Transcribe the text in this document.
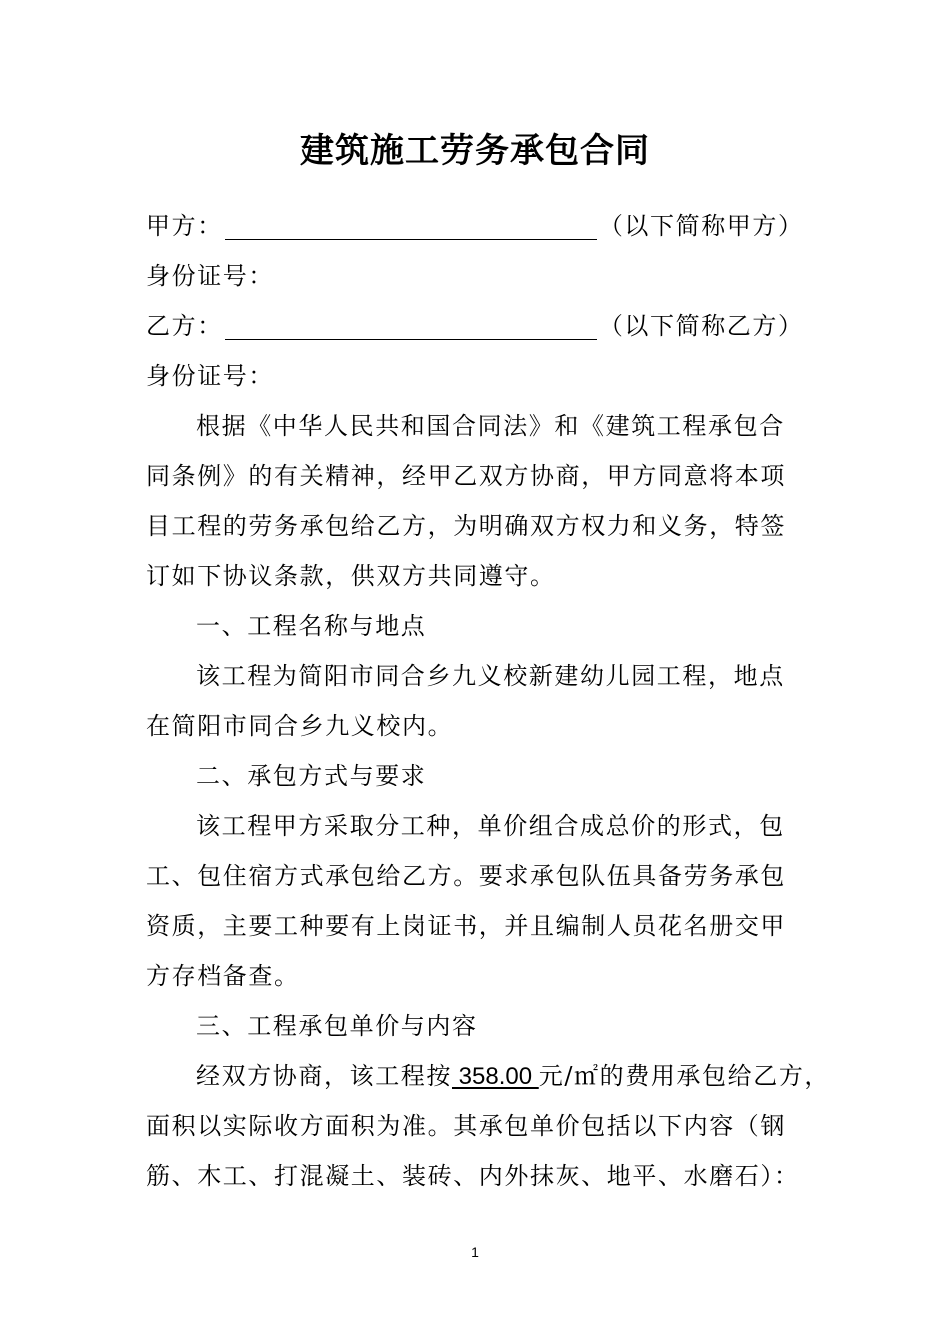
建筑施工劳务承包合同
甲方：	（以下简称甲方）
身份证号：
乙方：	（以下简称乙方）
身份证号：
根据《中华人民共和国合同法》和《建筑工程承包合
同条例》的有关精神，经甲乙双方协商，甲方同意将本项
目工程的劳务承包给乙方，为明确双方权力和义务，特签
订如下协议条款，供双方共同遵守。
一、工程名称与地点
该工程为简阳市同合乡九义校新建幼儿园工程，地点
在简阳市同合乡九义校内。
二、承包方式与要求
该工程甲方采取分工种，单价组合成总价的形式，包
工、包住宿方式承包给乙方。要求承包队伍具备劳务承包
资质，主要工种要有上岗证书，并且编制人员花名册交甲
方存档备查。
三、工程承包单价与内容
经双方协商，该工程按 358.00 元/㎡的费用承包给乙方，
面积以实际收方面积为准。其承包单价包括以下内容（钢
筋、木工、打混凝土、装砖、内外抹灰、地平、水磨石）：
1
